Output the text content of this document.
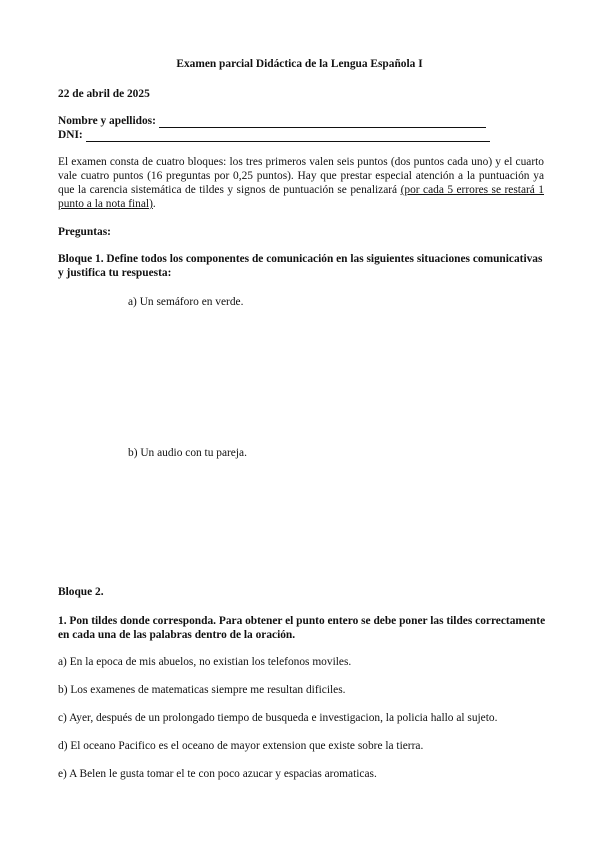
Examen parcial Didáctica de la Lengua Española I
22 de abril de 2025
Nombre y apellidos:
DNI:
El examen consta de cuatro bloques: los tres primeros valen seis puntos (dos puntos cada uno) y el cuarto vale cuatro puntos (16 preguntas por 0,25 puntos). Hay que prestar especial atención a la puntuación ya que la carencia sistemática de tildes y signos de puntuación se penalizará (por cada 5 errores se restará 1 punto a la nota final).
Preguntas:
Bloque 1. Define todos los componentes de comunicación en las siguientes situaciones comunicativas y justifica tu respuesta:
a) Un semáforo en verde.
b) Un audio con tu pareja.
Bloque 2.
1. Pon tildes donde corresponda. Para obtener el punto entero se debe poner las tildes correctamente en cada una de las palabras dentro de la oración.
a) En la epoca de mis abuelos, no existian los telefonos moviles.
b) Los examenes de matematicas siempre me resultan dificiles.
c) Ayer, después de un prolongado tiempo de busqueda e investigacion, la policia hallo al sujeto.
d) El oceano Pacifico es el oceano de mayor extension que existe sobre la tierra.
e) A Belen le gusta tomar el te con poco azucar y espacias aromaticas.
